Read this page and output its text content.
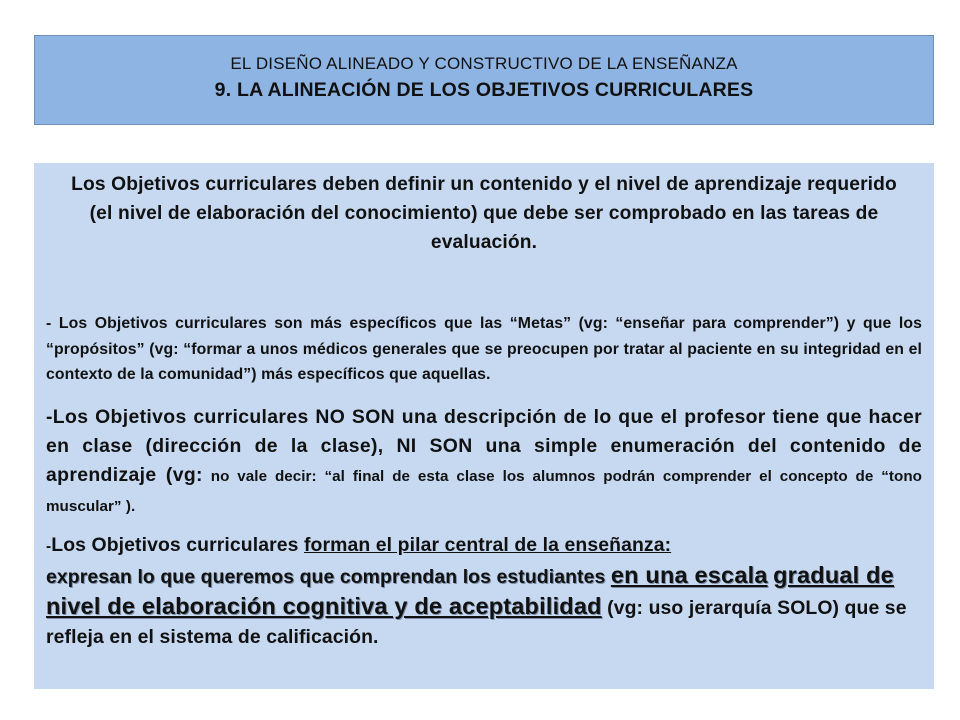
EL DISEÑO ALINEADO Y CONSTRUCTIVO DE LA ENSEÑANZA
9. LA ALINEACIÓN DE LOS OBJETIVOS CURRICULARES
Los Objetivos curriculares deben definir un contenido y el nivel de aprendizaje requerido (el nivel de elaboración del conocimiento) que debe ser comprobado en las tareas de evaluación.
- Los Objetivos curriculares son más específicos que las “Metas” (vg: “enseñar para comprender”) y que los “propósitos” (vg: “formar a unos médicos generales que se preocupen por tratar al paciente en su integridad en el contexto de la comunidad”) más específicos que aquellas.
-Los Objetivos curriculares NO SON una descripción de lo que el profesor tiene que hacer en clase (dirección de la clase), NI SON una simple enumeración del contenido de aprendizaje (vg: no vale decir: “al final de esta clase los alumnos podrán comprender el concepto de “tono muscular” ).
-Los Objetivos curriculares forman el pilar central de la enseñanza:
expresan lo que queremos que comprendan los estudiantes en una escala gradual de nivel de elaboración cognitiva y de aceptabilidad (vg: uso jerarquía SOLO) que se refleja en el sistema de calificación.
